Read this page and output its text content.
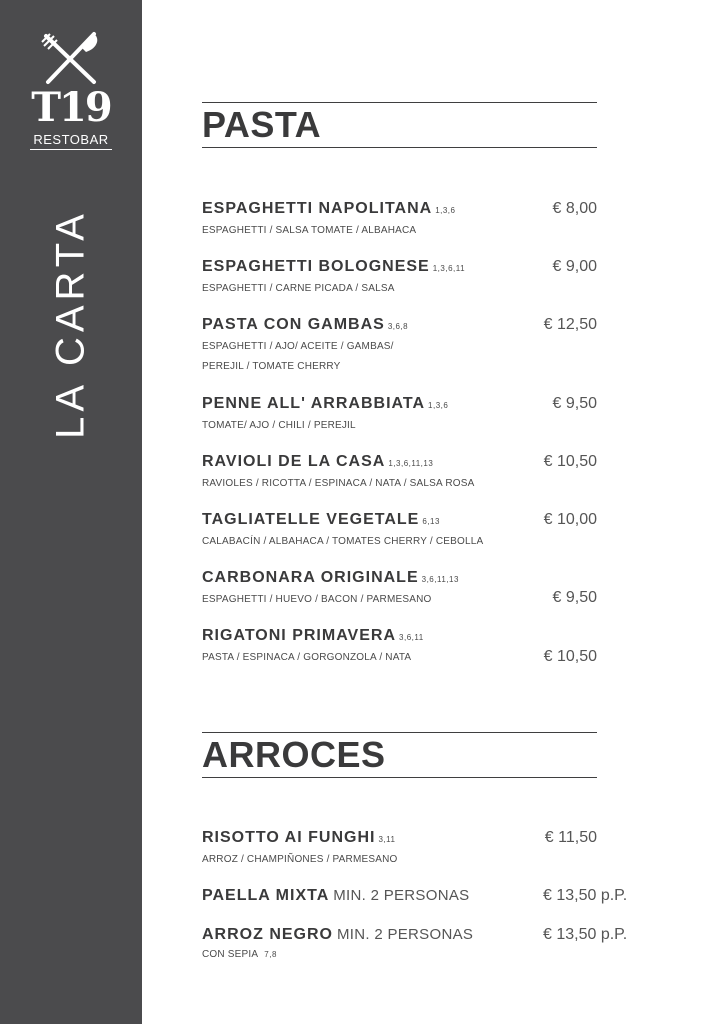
T19
RESTOBAR
LA CARTA
PASTA
ESPAGHETTI NAPOLITANA 1,3,6
ESPAGHETTI / SALSA TOMATE / ALBAHACA
€ 8,00
ESPAGHETTI BOLOGNESE 1,3,6,11
ESPAGHETTI / CARNE PICADA / SALSA
€ 9,00
PASTA CON GAMBAS 3,6,8
ESPAGHETTI / AJO/ ACEITE / GAMBAS/
PEREJIL / TOMATE CHERRY
€ 12,50
PENNE ALL' ARRABBIATA 1,3,6
TOMATE/ AJO / CHILI / PEREJIL
€ 9,50
RAVIOLI DE LA CASA 1,3,6,11,13
RAVIOLES / RICOTTA / ESPINACA / NATA / SALSA ROSA
€ 10,50
TAGLIATELLE VEGETALE 6,13
CALABACÍN / ALBAHACA / TOMATES CHERRY / CEBOLLA
€ 10,00
CARBONARA ORIGINALE 3,6,11,13
ESPAGHETTI / HUEVO / BACON / PARMESANO	€ 9,50
RIGATONI PRIMAVERA 3,6,11
PASTA / ESPINACA / GORGONZOLA / NATA	€ 10,50
ARROCES
RISOTTO AI FUNGHI 3,11
ARROZ / CHAMPIÑONES / PARMESANO
€ 11,50
PAELLA MIXTA MIN. 2 PERSONAS	€ 13,50 p.P.
ARROZ NEGRO MIN. 2 PERSONAS
CON SEPIA 7,8
€ 13,50 p.P.
